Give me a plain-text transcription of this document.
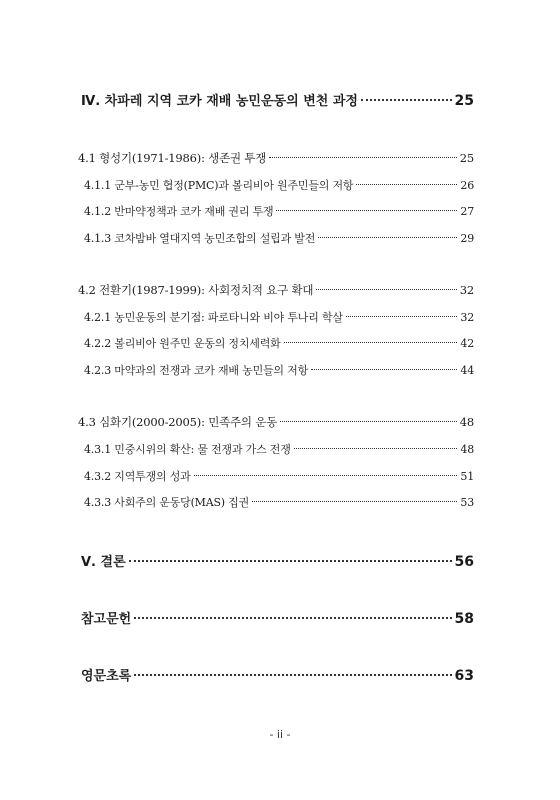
Ⅳ. 차파레 지역 코카 재배 농민운동의 변천 과정	25
4.1 형성기(1971-1986): 생존권 투쟁	25
4.1.1 군부-농민 협정(PMC)과 볼리비아 원주민들의 저항	26
4.1.2 반마약정책과 코카 재배 권리 투쟁	27
4.1.3 코차밤바 열대지역 농민조합의 설립과 발전	29
4.2 전환기(1987-1999): 사회정치적 요구 확대	32
4.2.1 농민운동의 분기점: 파로타니와 비야 투나리 학살	32
4.2.2 볼리비아 원주민 운동의 정치세력화	42
4.2.3 마약과의 전쟁과 코카 재배 농민들의 저항	44
4.3 심화기(2000-2005): 민족주의 운동	48
4.3.1 민중시위의 확산: 물 전쟁과 가스 전쟁	48
4.3.2 지역투쟁의 성과	51
4.3.3 사회주의 운동당(MAS) 집권	53
Ⅴ. 결론	56
참고문헌	58
영문초록	63
- ii -
